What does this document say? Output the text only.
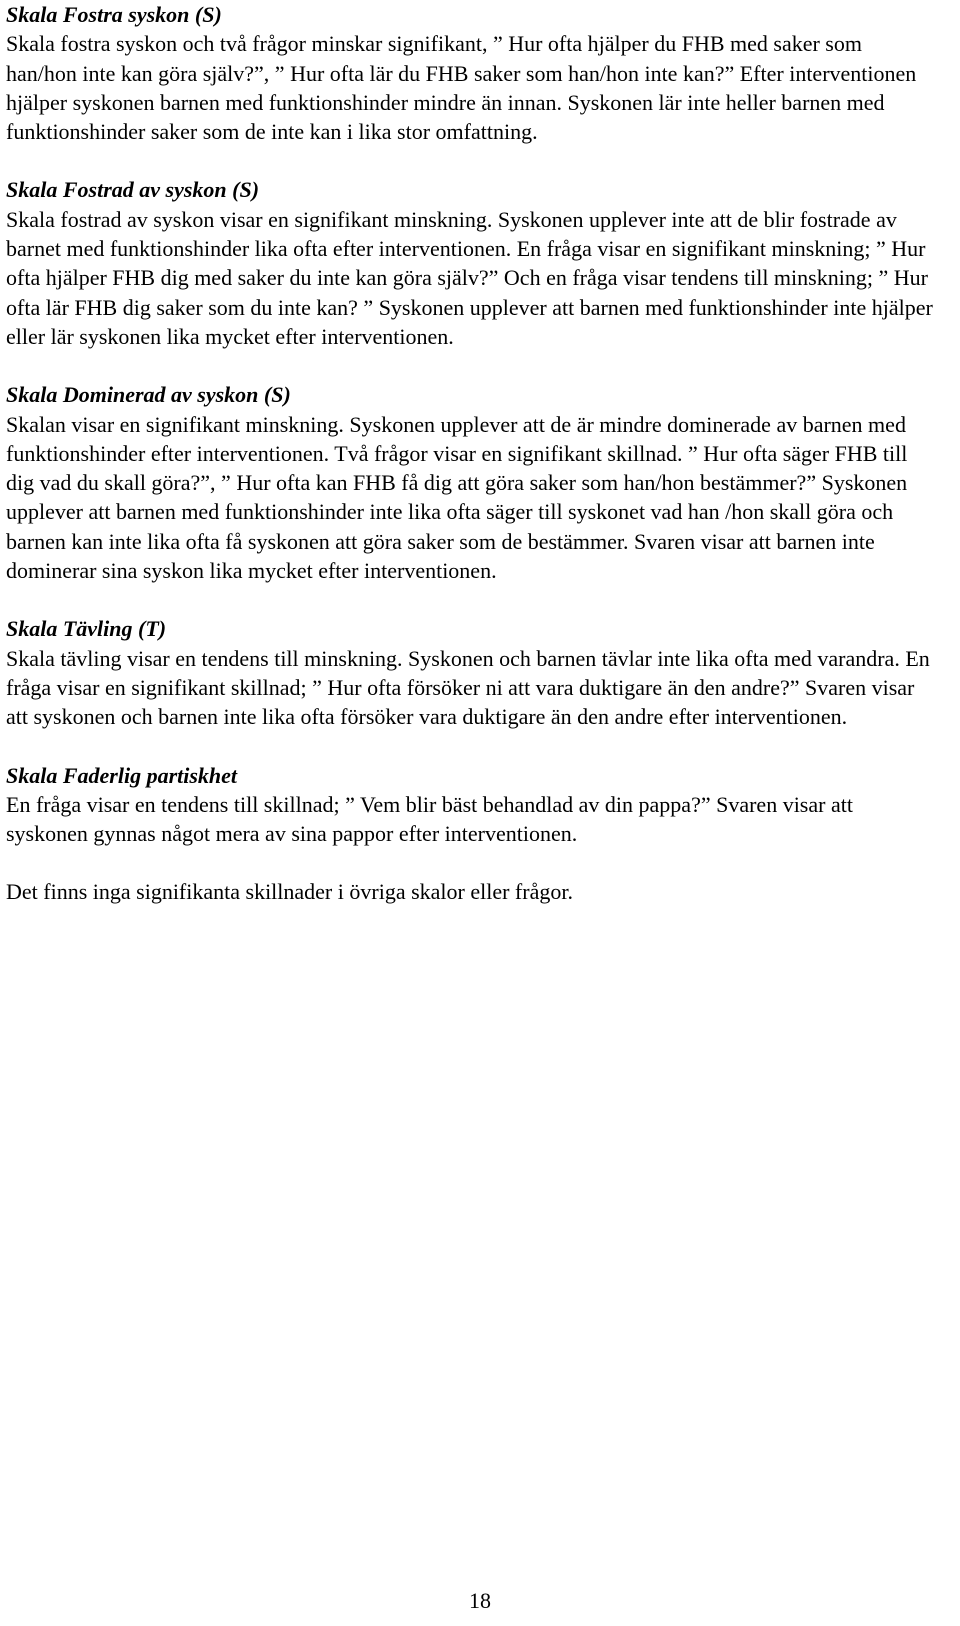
Skala Fostra syskon (S)
Skala fostra syskon och två frågor minskar signifikant, ” Hur ofta hjälper du FHB med saker som han/hon inte kan göra själv?”, ” Hur ofta lär du FHB saker som han/hon inte kan?” Efter interventionen hjälper syskonen barnen med funktionshinder mindre än innan. Syskonen lär inte heller barnen med funktionshinder saker som de inte kan i lika stor omfattning.
Skala Fostrad av syskon (S)
Skala fostrad av syskon visar en signifikant minskning. Syskonen upplever inte att de blir fostrade av barnet med funktionshinder lika ofta efter interventionen. En fråga visar en signifikant minskning; ” Hur ofta hjälper FHB dig med saker du inte kan göra själv?” Och en fråga visar tendens till minskning; ” Hur ofta lär FHB dig saker som du inte kan? ” Syskonen upplever att barnen med funktionshinder inte hjälper eller lär syskonen lika mycket efter interventionen.
Skala Dominerad av syskon (S)
Skalan visar en signifikant minskning. Syskonen upplever att de är mindre dominerade av barnen med funktionshinder efter interventionen. Två frågor visar en signifikant skillnad. ” Hur ofta säger FHB till dig vad du skall göra?”, ” Hur ofta kan FHB få dig att göra saker som han/hon bestämmer?” Syskonen upplever att barnen med funktionshinder inte lika ofta säger till syskonet vad han /hon skall göra och barnen kan inte lika ofta få syskonen att göra saker som de bestämmer. Svaren visar att barnen inte dominerar sina syskon lika mycket efter interventionen.
Skala Tävling (T)
Skala tävling visar en tendens till minskning. Syskonen och barnen tävlar inte lika ofta med varandra. En fråga visar en signifikant skillnad; ” Hur ofta försöker ni att vara duktigare än den andre?” Svaren visar att syskonen och barnen inte lika ofta försöker vara duktigare än den andre efter interventionen.
Skala Faderlig partiskhet
En fråga visar en tendens till skillnad; ” Vem blir bäst behandlad av din pappa?” Svaren visar att syskonen gynnas något mera av sina pappor efter interventionen.
Det finns inga signifikanta skillnader i övriga skalor eller frågor.
18
